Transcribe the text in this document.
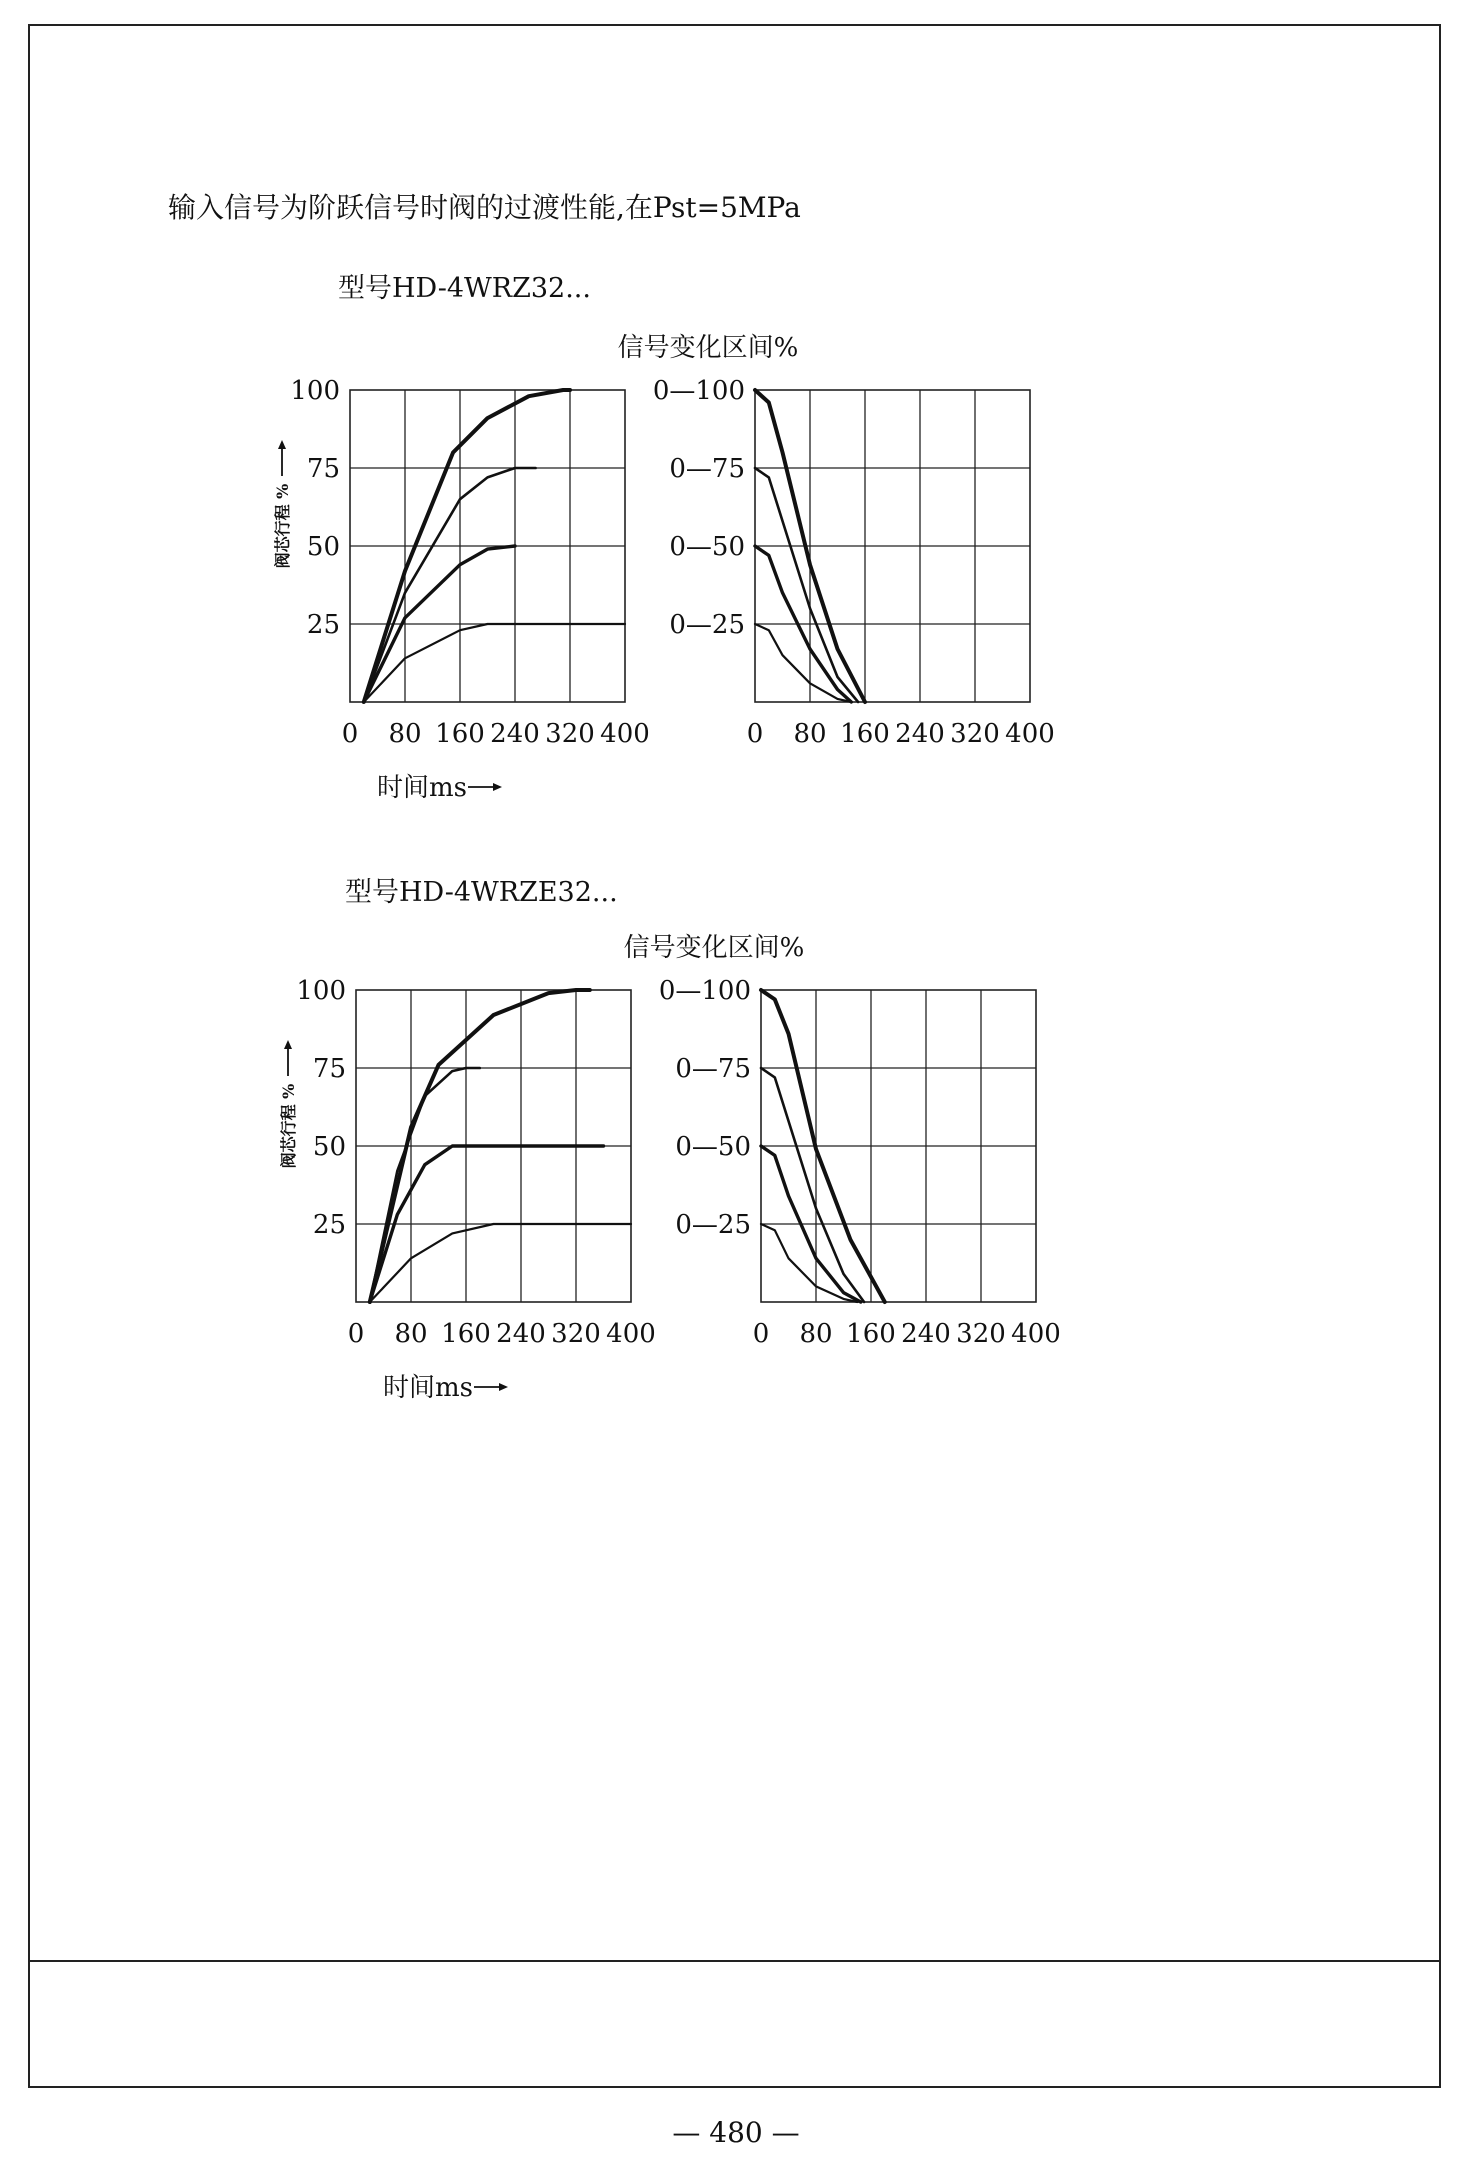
输入信号为阶跃信号时阀的过渡性能,在Pst=5MPa
型号HD-4WRZ32...
型号HD-4WRZE32...
— 480 —
0 80 160 240 320 400
100
75
50
25
阀芯行程 %
时间ms
0 80 160 240 320 400
0—100
0—75
0—50
0—25
信号变化区间%
0 80 160 240 320 400
100
75
50
25
阀芯行程 %
时间ms
0 80 160 240 320 400
0—100
0—75
0—50
0—25
信号变化区间%
